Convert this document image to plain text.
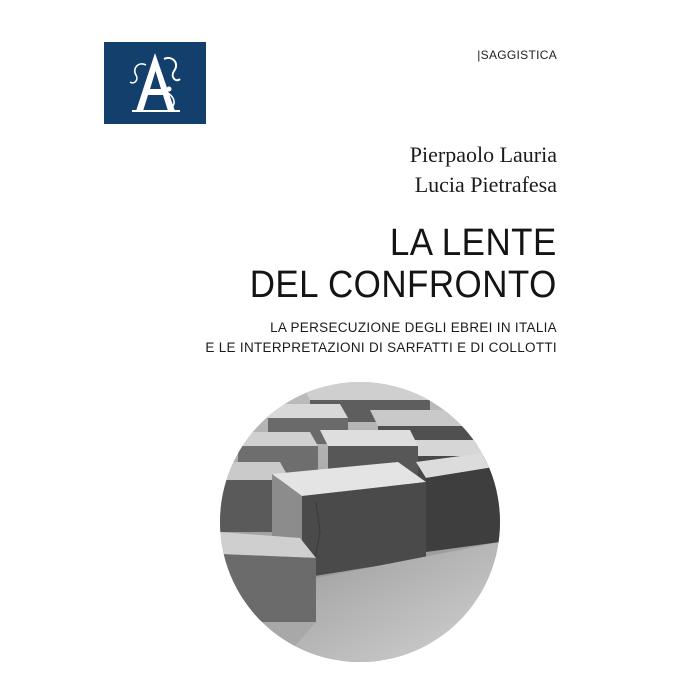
|SAGGISTICA
Pierpaolo Lauria
Lucia Pietrafesa
LA LENTE
DEL CONFRONTO
LA PERSECUZIONE DEGLI EBREI IN ITALIA
E LE INTERPRETAZIONI DI SARFATTI E DI COLLOTTI
